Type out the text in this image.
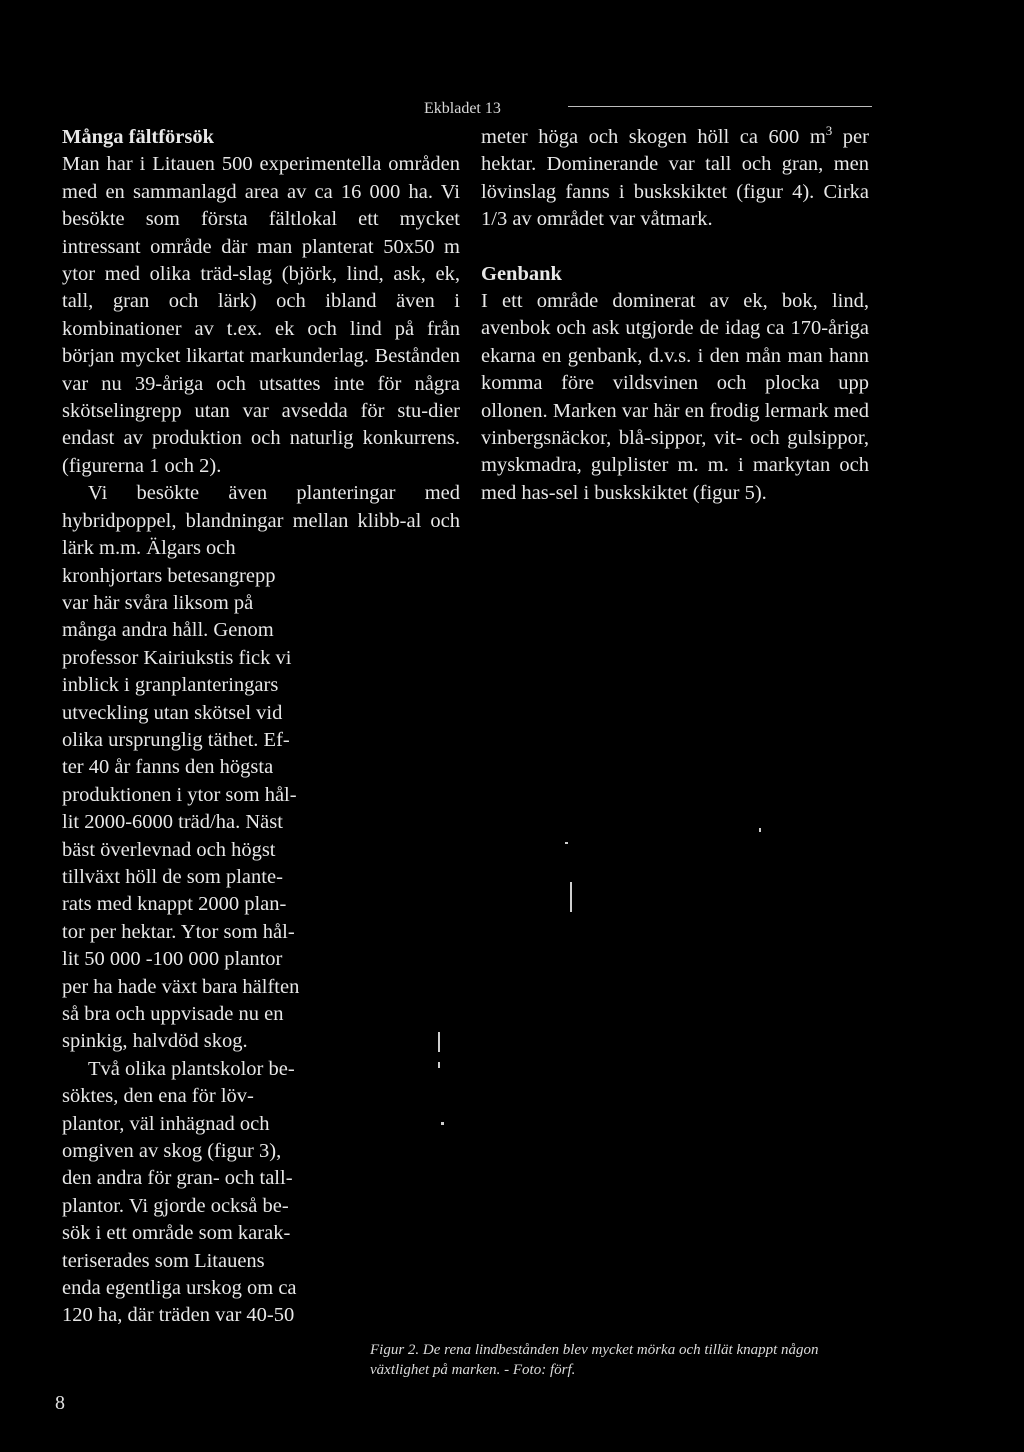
Ekbladet 13

Många fältförsök

Man har i Litauen 500 experimentella områden med en sammanlagd area av ca 16 000 ha. Vi besökte som första fältlokal ett mycket intressant område där man planterat 50x50 m ytor med olika träd-slag (björk, lind, ask, ek, tall, gran och lärk) och ibland även i kombinationer av t.ex. ek och lind på från början mycket likartat markunderlag. Bestånden var nu 39-åriga och utsattes inte för några skötselingrepp utan var avsedda för stu-dier endast av produktion och naturlig konkurrens. (figurerna 1 och 2).

Vi besökte även planteringar med hybridpoppel, blandningar mellan klibb-al och lärk m.m. Älgars och

kronhjortars betesangrepp

var här svåra liksom på

många andra håll. Genom

professor Kairiukstis fick vi

inblick i granplanteringars

utveckling utan skötsel vid

olika ursprunglig täthet. Ef-

ter 40 år fanns den högsta

produktionen i ytor som hål-

lit 2000-6000 träd/ha. Näst

bäst överlevnad och högst

tillväxt höll de som plante-

rats med knappt 2000 plan-

tor per hektar. Ytor som hål-

lit 50 000 -100 000 plantor

per ha hade växt bara hälften

så bra och uppvisade nu en

spinkig, halvdöd skog.

Två olika plantskolor be-

söktes, den ena för löv-

plantor, väl inhägnad och

omgiven av skog (figur 3),

den andra för gran- och tall-

plantor. Vi gjorde också be-

sök i ett område som karak-

teriserades som Litauens

enda egentliga urskog om ca

120 ha, där träden var 40-50

meter höga och skogen höll ca 600 $m^3$ per hektar. Dominerande var tall och gran, men lövinslag fanns i buskskiktet (figur 4). Cirka 1/3 av området var våtmark.

Genbank

I ett område dominerat av ek, bok, lind, avenbok och ask utgjorde de idag ca 170-åriga ekarna en genbank, d.v.s. i den mån man hann komma före vildsvinen och plocka upp ollonen. Marken var här en frodig lermark med vinbergsnäckor, blå-sippor, vit- och gulsippor, myskmadra, gulplister m. m. i markytan och med has-sel i buskskiktet (figur 5).

Figur 2. De rena lindbestånden blev mycket mörka och tillät knappt någon växtlighet på marken. - Foto: förf.
8
